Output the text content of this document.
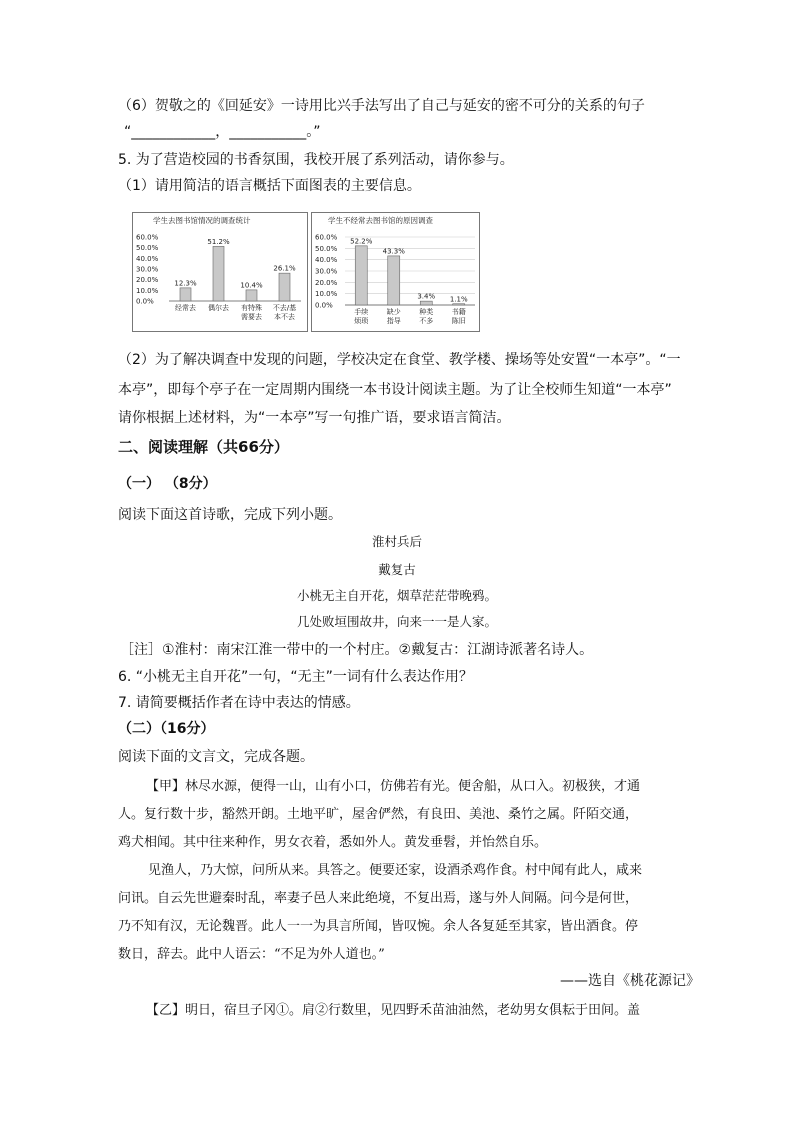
（6）贺敬之的《回延安》一诗用比兴手法写出了自己与延安的密不可分的关系的句子
“____________，___________。”
5. 为了营造校园的书香氛围，我校开展了系列活动，请你参与。
（1）请用简洁的语言概括下面图表的主要信息。
学生去图书馆情况的调查统计
0.0%
10.0%
20.0%
30.0%
40.0%
50.0%
60.0%
12.3%
经常去
51.2%
偶尔去
10.4%
有特殊
需要去
26.1%
不去/基
本不去
学生不经常去图书馆的原因调查
0.0%
10.0%
20.0%
30.0%
40.0%
50.0%
60.0% 52.2%
手续
烦琐
43.3%
缺少
指导
3.4%
种类
不多
1.1%
书籍
陈旧
（2）为了解决调查中发现的问题，学校决定在食堂、教学楼、操场等处安置“一本亭”。“一
本亭”，即每个亭子在一定周期内围绕一本书设计阅读主题。为了让全校师生知道“一本亭”
请你根据上述材料，为“一本亭”写一句推广语，要求语言简洁。
二、阅读理解（共66分）
（一） （8分）
阅读下面这首诗歌，完成下列小题。
淮村兵后
戴复古
小桃无主自开花，烟草茫茫带晚鸦。
几处败垣围故井，向来一一是人家。
［注］①淮村：南宋江淮一带中的一个村庄。②戴复古：江湖诗派著名诗人。
6. “小桃无主自开花”一句，“无主”一词有什么表达作用？
7. 请简要概括作者在诗中表达的情感。
（二）（16分）
阅读下面的文言文，完成各题。
【甲】林尽水源，便得一山，山有小口，仿佛若有光。便舍船，从口入。初极狭，才通
人。复行数十步，豁然开朗。土地平旷，屋舍俨然，有良田、美池、桑竹之属。阡陌交通，
鸡犬相闻。其中往来种作，男女衣着，悉如外人。黄发垂髫，并怡然自乐。
见渔人，乃大惊，问所从来。具答之。便要还家，设酒杀鸡作食。村中闻有此人，咸来
问讯。自云先世避秦时乱，率妻子邑人来此绝境，不复出焉，遂与外人间隔。问今是何世，
乃不知有汉，无论魏晋。此人一一为具言所闻，皆叹惋。余人各复延至其家，皆出酒食。停
数日，辞去。此中人语云：“不足为外人道也。”
——选自《桃花源记》
【乙】明日，宿旦子冈①。肩②行数里，见四野禾苗油油然，老幼男女俱耘于田间。盖
